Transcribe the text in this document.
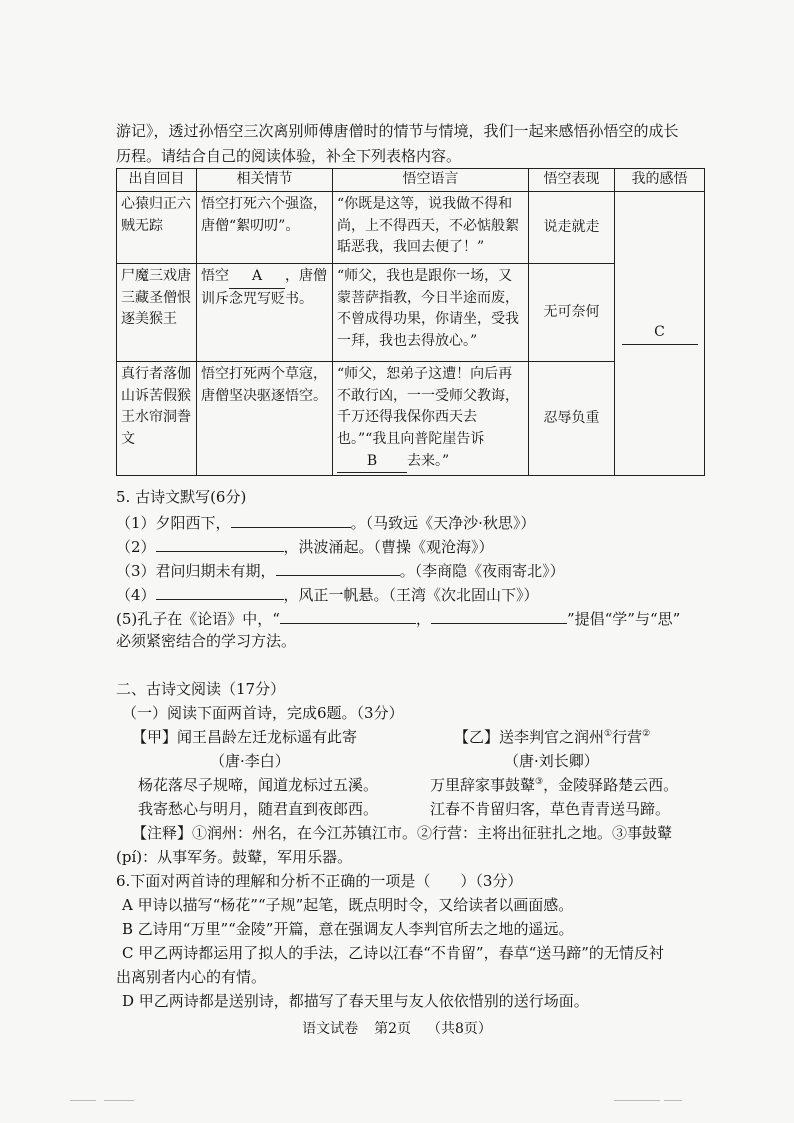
游记》，透过孙悟空三次离别师傅唐僧时的情节与情境，我们一起来感悟孙悟空的成长
历程。请结合自己的阅读体验，补全下列表格内容。
出自回目	相关情节	悟空语言	悟空表现	我的感悟
心猿归正六贼无踪	悟空打死六个强盗，唐僧“絮叨叨”。	“你既是这等，说我做不得和尚，上不得西天，不必惦般絮聒恶我，我回去便了！”	说走就走	C
尸魔三戏唐三藏圣僧恨逐美猴王	悟空 A ，唐僧训斥念咒写贬书。	“师父，我也是跟你一场，又蒙菩萨指教，今日半途而废，不曾成得功果，你请坐，受我一拜，我也去得放心。”	无可奈何	
真行者落伽山诉苦假猴王水帘洞誊文	悟空打死两个草寇，唐僧坚决驱逐悟空。	“师父，恕弟子这遭！向后再不敢行凶，一一受师父教诲，千万还得我保你西天去也。”“我且向普陀崖告诉B 去来。”	忍辱负重	
5. 古诗文默写(6分)
（1）夕阳西下，	。（马致远《天净沙·秋思》）
（2）	，洪波涌起。（曹操《观沧海》）
（3）君问归期未有期，	。（李商隐《夜雨寄北》）
（4）	，风正一帆悬。（王湾《次北固山下》）
(5)孔子在《论语》中，“	，	”提倡“学”与“思”
必须紧密结合的学习方法。
二、古诗文阅读（17分）
（一）阅读下面两首诗，完成6题。（3分）
【甲】闻王昌龄左迁龙标遥有此寄
（唐·李白）
杨花落尽子规啼，闻道龙标过五溪。
我寄愁心与明月，随君直到夜郎西。
【乙】送李判官之润州①行营②
（唐·刘长卿）
万里辞家事鼓鼙③，金陵驿路楚云西。
江春不肯留归客，草色青青送马蹄。
【注释】①润州：州名，在今江苏镇江市。②行营：主将出征驻扎之地。③事鼓鼙
(pí)：从事军务。鼓鼙，军用乐器。
6.下面对两首诗的理解和分析不正确的一项是（　　）（3分）
A 甲诗以描写“杨花”“子规”起笔，既点明时令，又给读者以画面感。
B 乙诗用“万里”“金陵”开篇，意在强调友人李判官所去之地的遥远。
C 甲乙两诗都运用了拟人的手法，乙诗以江春“不肯留”，春草“送马蹄”的无情反衬
出离别者内心的有情。
D 甲乙两诗都是送别诗，都描写了春天里与友人依依惜别的送行场面。
语文试卷 第2页 （共8页）
